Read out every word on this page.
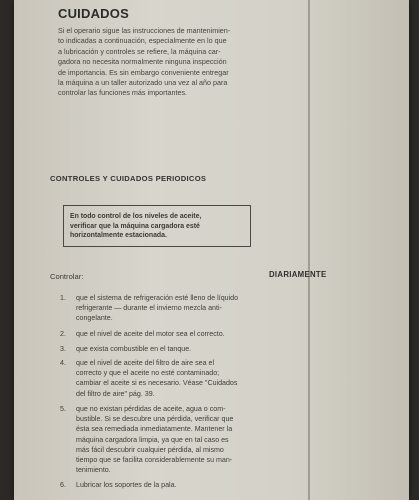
CUIDADOS
Si el operario sigue las instrucciones de mantenimien-
to indicadas a continuación, especialmente en lo que
a lubricación y controles se refiere, la máquina car-
gadora no necesita normalmente ninguna inspección
de importancia. Es sin embargo conveniente entregar
la máquina a un taller autorizado una vez al año para
controlar las funciones más importantes.
CONTROLES Y CUIDADOS PERIODICOS
En todo control de los niveles de aceite,
verificar que la máquina cargadora esté
horizontalmente estacionada.
Controlar:	DIARIAMENTE
1. que el sistema de refrigeración esté lleno de líquido
refrigerante — durante el invierno mezcla anti-
congelante.
2. que el nivel de aceite del motor sea el correcto.
3. que exista combustible en el tanque.
4. que el nivel de aceite del filtro de aire sea el
correcto y que el aceite no esté contaminado;
cambiar el aceite si es necesario. Véase "Cuidados
del filtro de aire" pág. 39.
5. que no existan pérdidas de aceite, agua o com-
bustible. Si se descubre una pérdida, verificar que
ésta sea remediada inmediatamente. Mantener la
máquina cargadora limpia, ya que en tal caso es
más fácil descubrir cualquier pérdida, al mismo
tiempo que se facilita considerablemente su man-
tenimiento.
6. Lubricar los soportes de la pala.
